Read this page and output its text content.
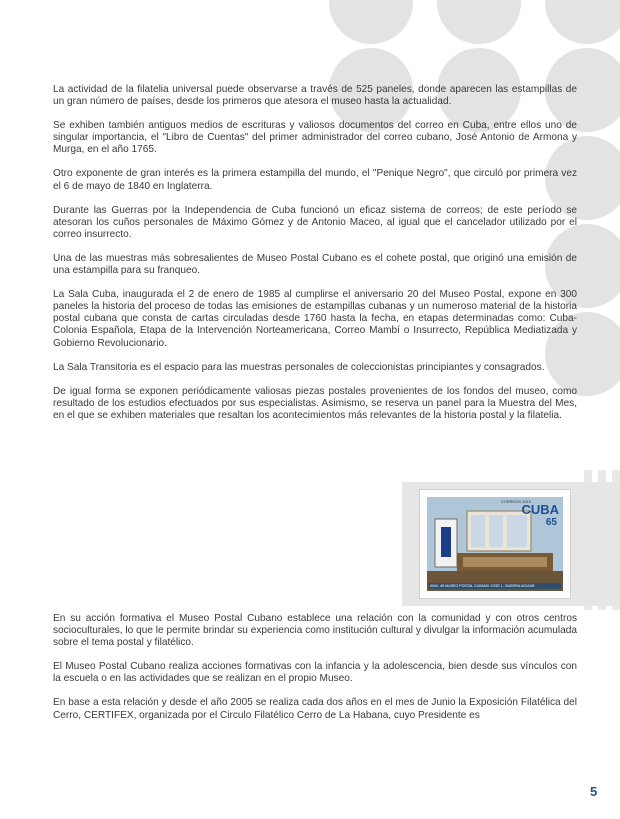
La actividad de la filatelia universal puede observarse a través de 525 paneles, donde aparecen las estampillas de un gran número de países, desde los primeros que atesora el museo hasta la actualidad.

Se exhiben también antiguos medios de escrituras y valiosos documentos del correo en Cuba, entre ellos uno de singular importancia, el "Libro de Cuentas" del primer administrador del correo cubano, José Antonio de Armona y Murga, en el año 1765.

Otro exponente de gran interés es la primera estampilla del mundo, el "Penique Negro", que circuló por primera vez el 6 de mayo de 1840 en Inglaterra.

Durante las Guerras por la Independencia de Cuba funcionó un eficaz sistema de correos; de este período se atesoran los cuños personales de Máximo Gómez y de Antonio Maceo, al igual que el cancelador utilizado por el correo insurrecto.

Una de las muestras más sobresalientes de Museo Postal Cubano es el cohete postal, que originó una emisión de una estampilla para su franqueo.

La Sala Cuba, inaugurada el 2 de enero de 1985 al cumplirse el aniversario 20 del Museo Postal, expone en 300 paneles la historia del proceso de todas las emisiones de estampillas cubanas y un numeroso material de la historia postal cubana que consta de cartas circuladas desde 1760 hasta la fecha, en etapas determinadas como: Cuba-Colonia Española, Etapa de la Intervención Norteamericana, Correo Mambí o Insurrecto, República Mediatizada y Gobierno Revolucionario.

La Sala Transitoria es el espacio para las muestras personales de coleccionistas principiantes y consagrados.

De igual forma se exponen periódicamente valiosas piezas postales provenientes de los fondos del museo, como resultado de los estudios efectuados por sus especialistas. Asimismo, se reserva un panel para la Muestra del Mes, en el que se exhiben materiales que resaltan los acontecimientos más relevantes de la historia postal y la filatelia.

CORREOS 2015
CUBA
65
ANIV. 45 MUSEO POSTAL CUBANO JOSÉ L. GUERRA AGUIAR

En su acción formativa el Museo Postal Cubano establece una relación con la comunidad y con otros centros socioculturales, lo que le permite brindar su experiencia como institución cultural y divulgar la información acumulada sobre el tema postal y filatélico.

El Museo Postal Cubano realiza acciones formativas con la infancia y la adolescencia, bien desde sus vínculos con la escuela o en las actividades que se realizan en el propio Museo.

En base a esta relación y desde el año 2005 se realiza cada dos años en el mes de Junio la Exposición Filatélica del Cerro, CERTIFEX, organizada por el Circulo Filatélico Cerro de La Habana, cuyo Presidente es

5
